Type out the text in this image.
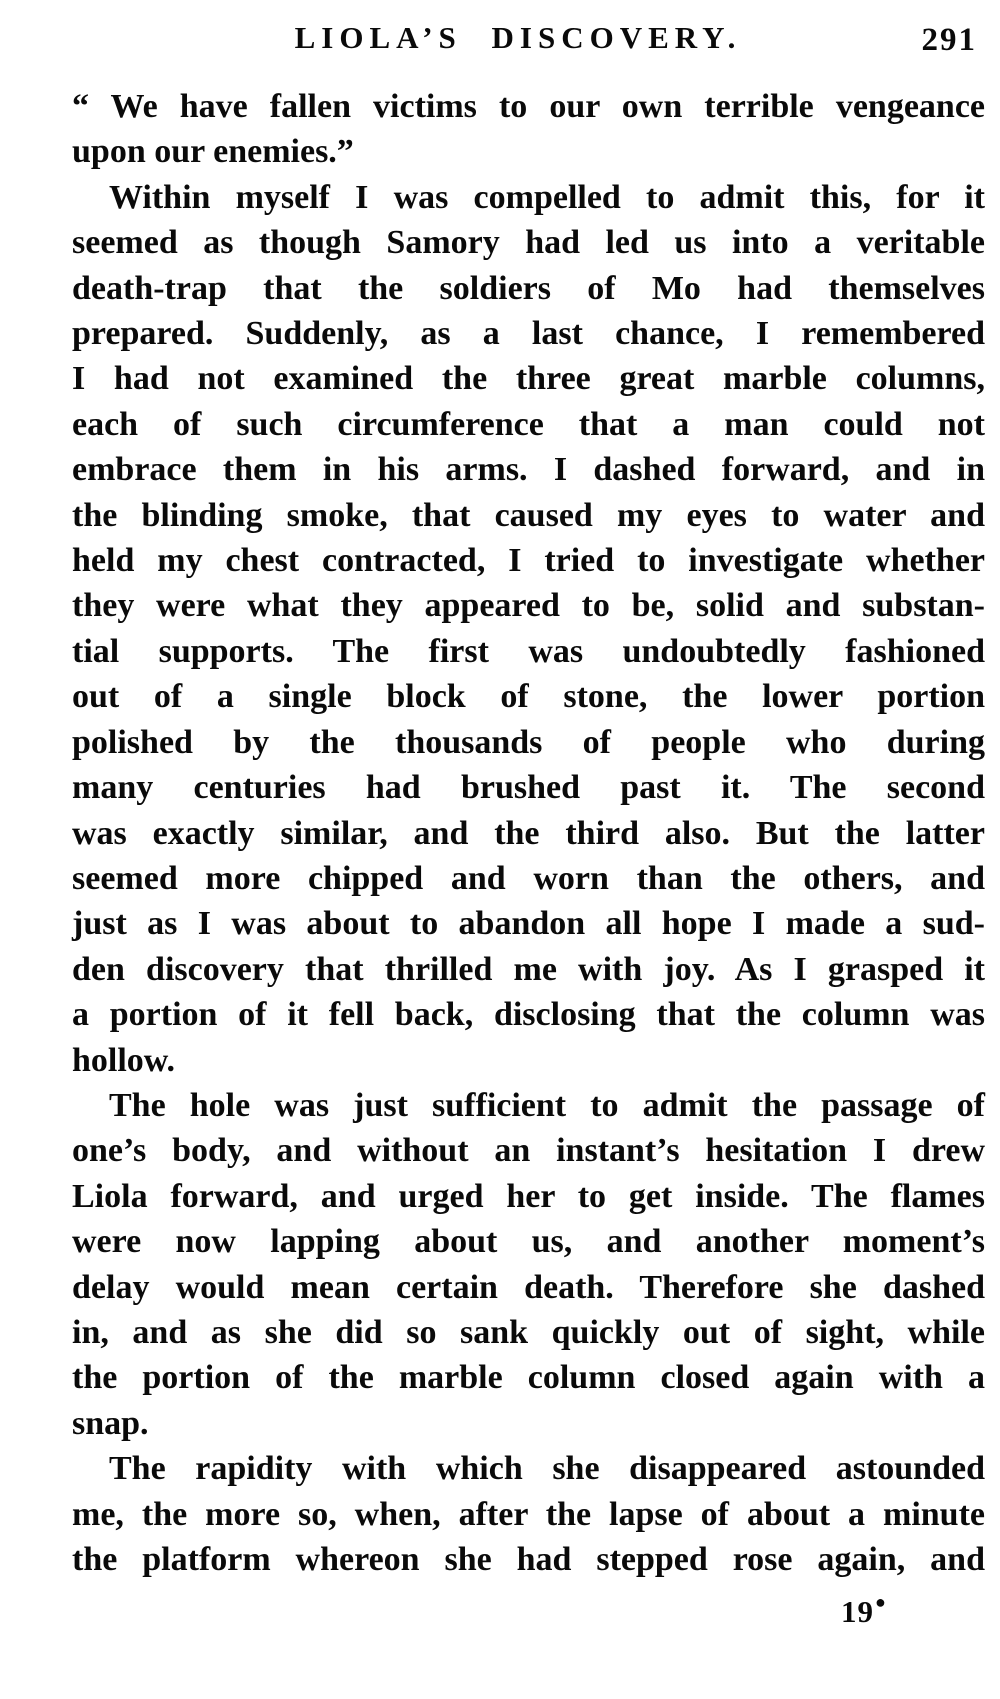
LIOLA’S DISCOVERY.	291
“ We have fallen victims to our own terrible vengeance
upon our enemies.”
Within myself I was compelled to admit this, for it
seemed as though Samory had led us into a veritable
death-trap that the soldiers of Mo had themselves
prepared. Suddenly, as a last chance, I remembered
I had not examined the three great marble columns,
each of such circumference that a man could not
embrace them in his arms. I dashed forward, and in
the blinding smoke, that caused my eyes to water and
held my chest contracted, I tried to investigate whether
they were what they appeared to be, solid and substan-
tial supports. The first was undoubtedly fashioned
out of a single block of stone, the lower portion
polished by the thousands of people who during
many centuries had brushed past it. The second
was exactly similar, and the third also. But the latter
seemed more chipped and worn than the others, and
just as I was about to abandon all hope I made a sud-
den discovery that thrilled me with joy. As I grasped it
a portion of it fell back, disclosing that the column was
hollow.
The hole was just sufficient to admit the passage of
one’s body, and without an instant’s hesitation I drew
Liola forward, and urged her to get inside. The flames
were now lapping about us, and another moment’s
delay would mean certain death. Therefore she dashed
in, and as she did so sank quickly out of sight, while
the portion of the marble column closed again with a
snap.
The rapidity with which she disappeared astounded
me, the more so, when, after the lapse of about a minute
the platform whereon she had stepped rose again, and
19●
